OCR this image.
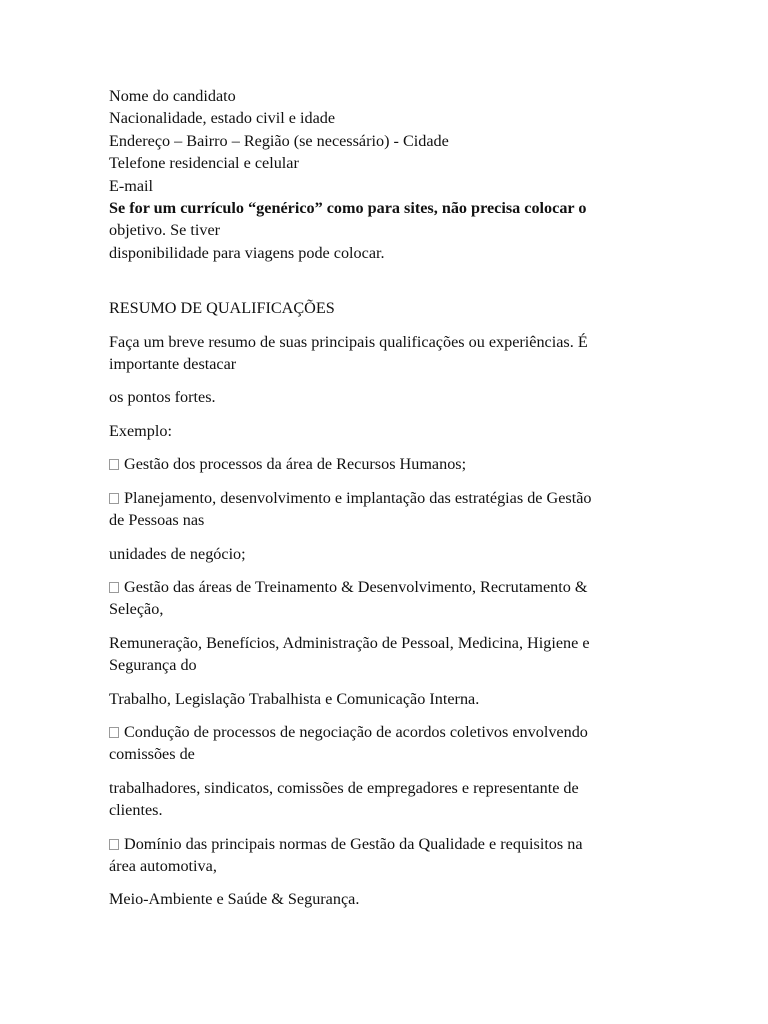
Nome do candidato
Nacionalidade, estado civil e idade
Endereço – Bairro – Região (se necessário) - Cidade
Telefone residencial e celular
E-mail
Se for um currículo “genérico” como para sites, não precisa colocar o
objetivo. Se tiver
disponibilidade para viagens pode colocar.
RESUMO DE QUALIFICAÇÕES
Faça um breve resumo de suas principais qualificações ou experiências. É
importante destacar
os pontos fortes.
Exemplo:
Gestão dos processos da área de Recursos Humanos;
Planejamento, desenvolvimento e implantação das estratégias de Gestão
de Pessoas nas
unidades de negócio;
Gestão das áreas de Treinamento & Desenvolvimento, Recrutamento &
Seleção,
Remuneração, Benefícios, Administração de Pessoal, Medicina, Higiene e
Segurança do
Trabalho, Legislação Trabalhista e Comunicação Interna.
Condução de processos de negociação de acordos coletivos envolvendo
comissões de
trabalhadores, sindicatos, comissões de empregadores e representante de
clientes.
Domínio das principais normas de Gestão da Qualidade e requisitos na
área automotiva,
Meio-Ambiente e Saúde & Segurança.
